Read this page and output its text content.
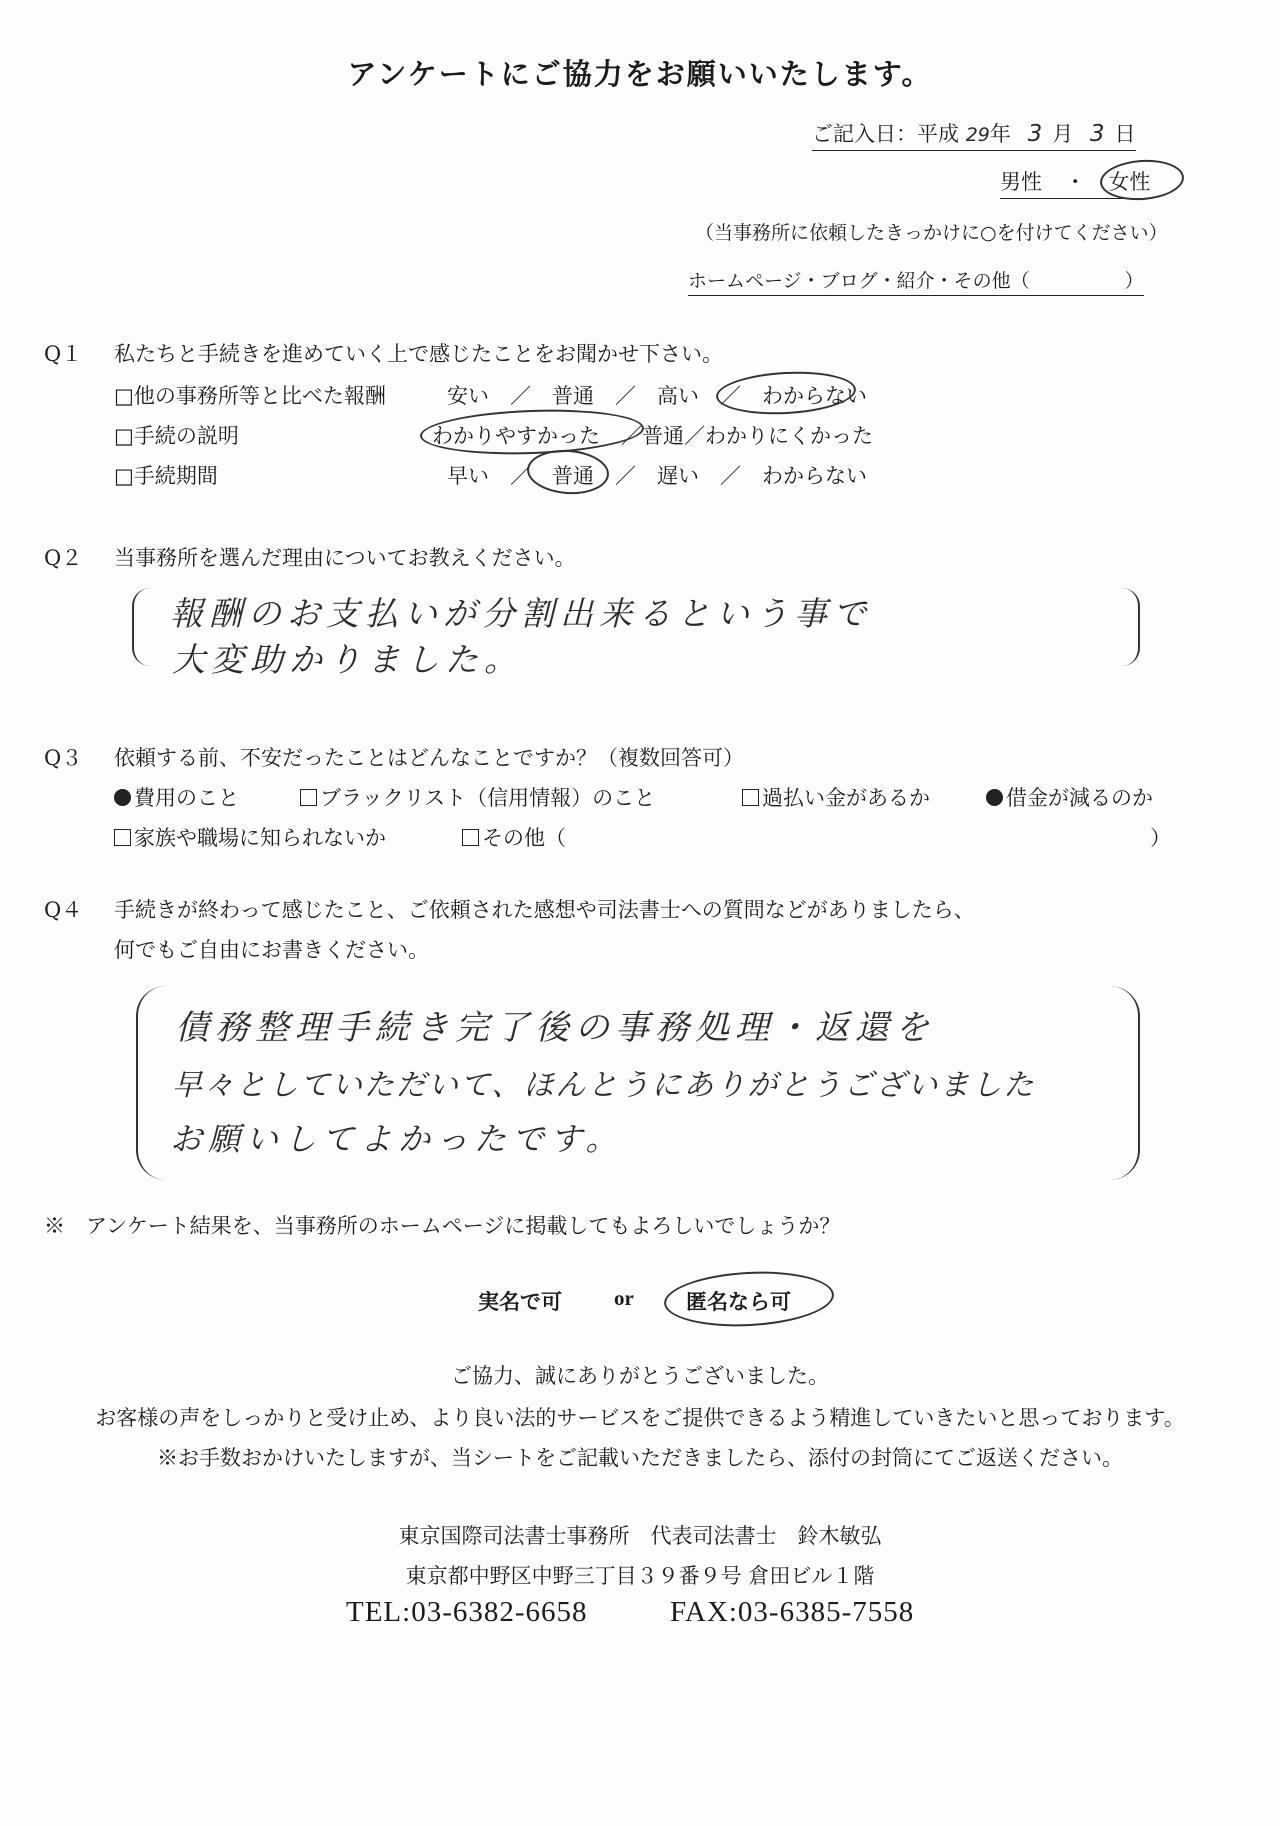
アンケートにご協力をお願いいたします。
ご記入日：平成 29年 3 月 3 日
男性 ・ 女性
（当事務所に依頼したきっかけに○を付けてください）
ホームページ・ブログ・紹介・その他（　　　　　）
Q１ 私たちと手続きを進めていく上で感じたことをお聞かせ下さい。
□他の事務所等と比べた報酬	安い　／　普通　／　高い　／　わからない
□手続の説明	わかりやすかった　／普通／わかりにくかった
□手続期間	早い　／　普通　／　遅い　／　わからない
Q２ 当事務所を選んだ理由についてお教えください。
報酬のお支払いが分割出来るという事で
大変助かりました。
Q３ 依頼する前、不安だったことはどんなことですか？（複数回答可）
費用のこと	ブラックリスト（信用情報）のこと	過払い金があるか	借金が減るのか
家族や職場に知られないか	その他（	）
Q４ 手続きが終わって感じたこと、ご依頼された感想や司法書士への質問などがありましたら、
何でもご自由にお書きください。
債務整理手続き完了後の事務処理・返還を
早々としていただいて、ほんとうにありがとうございました
お願いしてよかったです。
※　アンケート結果を、当事務所のホームページに掲載してもよろしいでしょうか？
実名で可 or 匿名なら可
ご協力、誠にありがとうございました。
お客様の声をしっかりと受け止め、より良い法的サービスをご提供できるよう精進していきたいと思っております。
※お手数おかけいたしますが、当シートをご記載いただきましたら、添付の封筒にてご返送ください。
東京国際司法書士事務所　代表司法書士　鈴木敏弘
東京都中野区中野三丁目３９番９号 倉田ビル１階
TEL:03-6382-6658	FAX:03-6385-7558
